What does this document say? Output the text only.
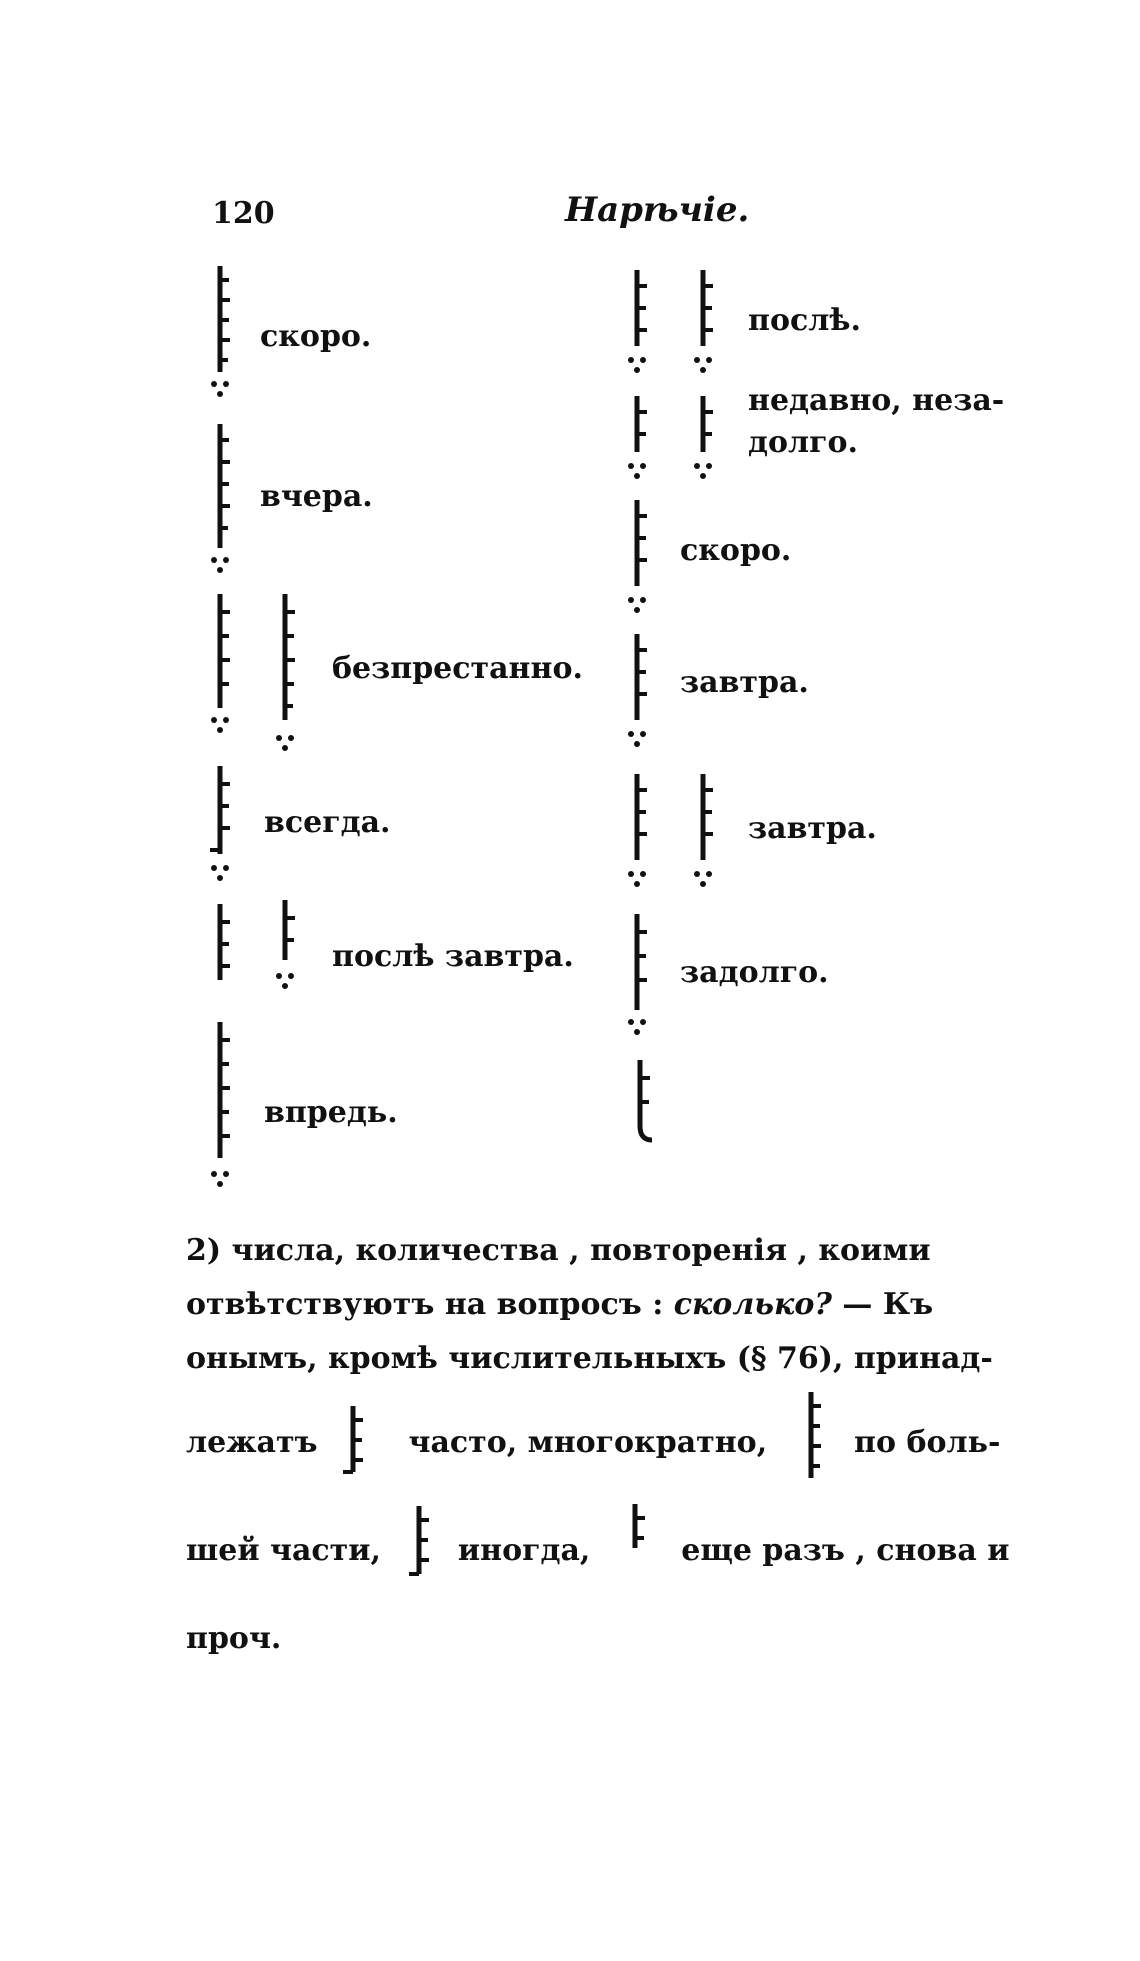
120	Нарѣчіе.
скоро.
вчера.
безпрестанно.
всегда.
послѣ завтра.
впредь.
послѣ.
недавно, неза-
долго.
скоро.
завтра.
завтра.
задолго.
2) числа, количества , повторенія , коими
отвѣтствуютъ на вопросъ : сколько? — Къ
онымъ, кромѣ числительныхъ (§ 76), принад-
лежатъ	часто, многократно,	по боль-
шей части,	иногда,	еще разъ , снова и
проч.
